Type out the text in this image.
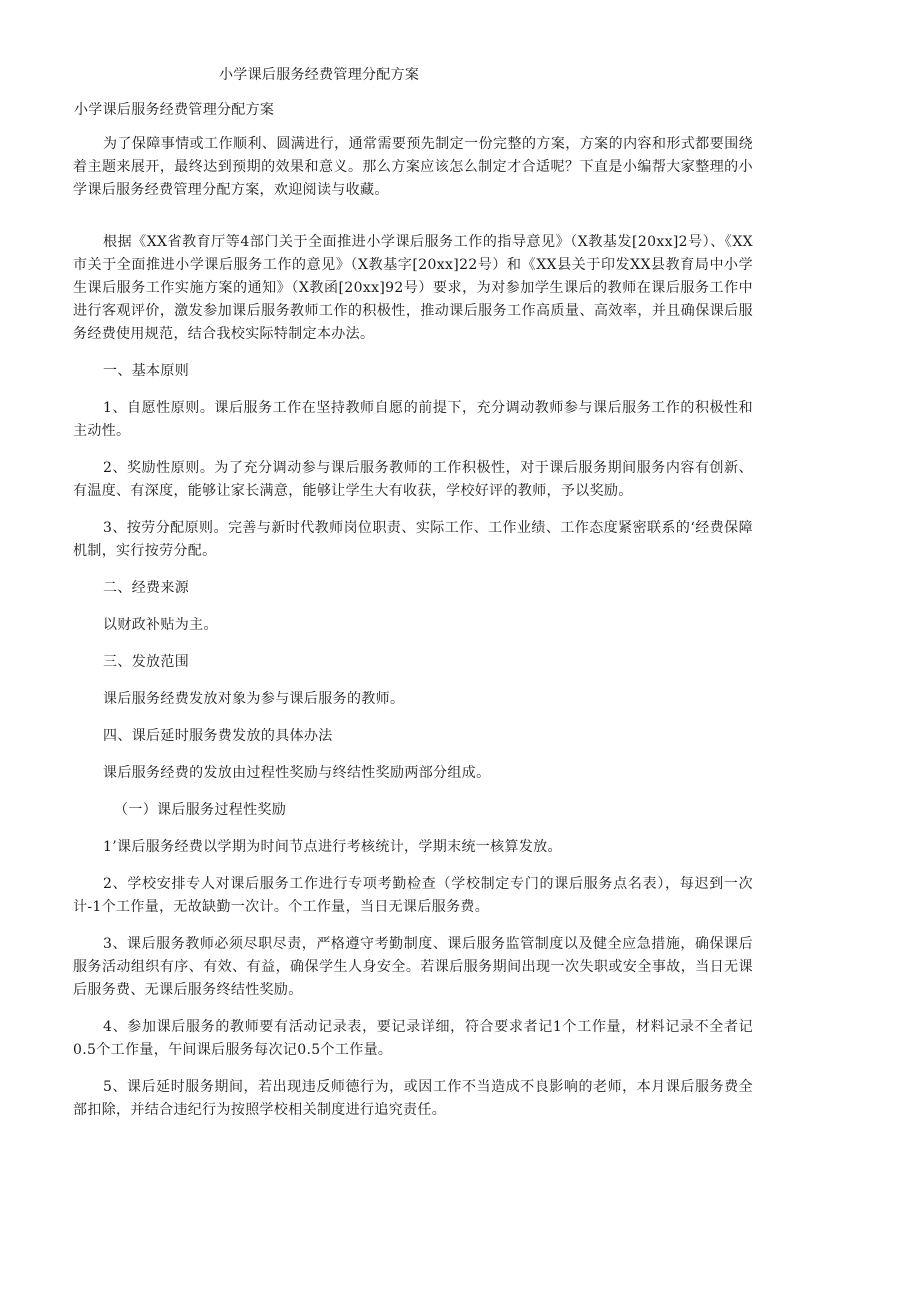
小学课后服务经费管理分配方案
小学课后服务经费管理分配方案

为了保障事情或工作顺利、圆满进行，通常需要预先制定一份完整的方案，方案的内容和形式都要围绕着主题来展开，最终达到预期的效果和意义。那么方案应该怎么制定才合适呢？下直是小编帮大家整理的小学课后服务经费管理分配方案，欢迎阅读与收藏。

根据《XX省教育厅等4部门关于全面推进小学课后服务工作的指导意见》（X教基发[20xx]2号）、《XX市关于全面推进小学课后服务工作的意见》（X教基字[20xx]22号）和《XX县关于印发XX县教育局中小学生课后服务工作实施方案的通知》（X教函[20xx]92号）要求，为对参加学生课后的教师在课后服务工作中进行客观评价，激发参加课后服务教师工作的积极性，推动课后服务工作高质量、高效率，并且确保课后服务经费使用规范，结合我校实际特制定本办法。

一、基本原则

1、自愿性原则。课后服务工作在坚持教师自愿的前提下，充分调动教师参与课后服务工作的积极性和主动性。

2、奖励性原则。为了充分调动参与课后服务教师的工作积极性，对于课后服务期间服务内容有创新、有温度、有深度，能够让家长满意，能够让学生大有收获，学校好评的教师，予以奖励。

3、按劳分配原则。完善与新时代教师岗位职责、实际工作、工作业绩、工作态度紧密联系的‘经费保障机制，实行按劳分配。

二、经费来源

以财政补贴为主。

三、发放范围

课后服务经费发放对象为参与课后服务的教师。

四、课后延时服务费发放的具体办法

课后服务经费的发放由过程性奖励与终结性奖励两部分组成。

（一）课后服务过程性奖励

1’课后服务经费以学期为时间节点进行考核统计，学期末统一核算发放。

2、学校安排专人对课后服务工作进行专项考勤检查（学校制定专门的课后服务点名表），每迟到一次计-1个工作量，无故缺勤一次计。个工作量，当日无课后服务费。

3、课后服务教师必须尽职尽责，严格遵守考勤制度、课后服务监管制度以及健全应急措施，确保课后服务活动组织有序、有效、有益，确保学生人身安全。若课后服务期间出现一次失职或安全事故，当日无课后服务费、无课后服务终结性奖励。

4、参加课后服务的教师要有活动记录表，要记录详细，符合要求者记1个工作量，材料记录不全者记0.5个工作量，午间课后服务每次记0.5个工作量。

5、课后延时服务期间，若出现违反师德行为，或因工作不当造成不良影响的老师，本月课后服务费全部扣除，并结合违纪行为按照学校相关制度进行追究责任。
